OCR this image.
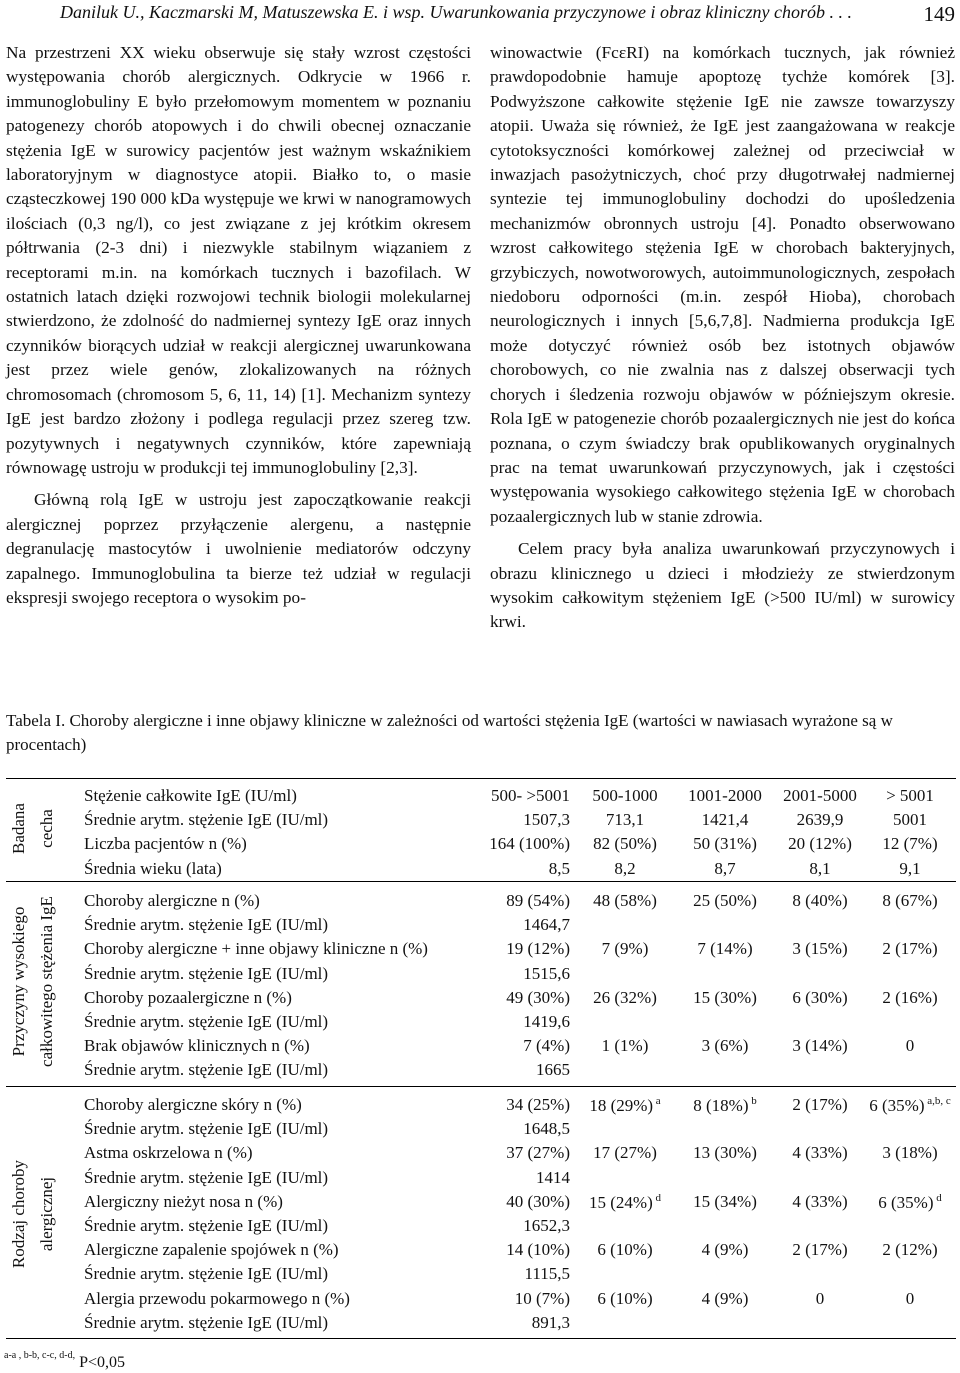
Daniluk U., Kaczmarski M, Matuszewska E. i wsp. Uwarunkowania przyczynowe i obraz kliniczny chorób . . .	149

Na przestrzeni XX wieku obserwuje się stały wzrost częstości występowania chorób alergicznych. Odkrycie w 1966 r. immunoglobuliny E było przełomowym momentem w poznaniu patogenezy chorób atopowych i do chwili obecnej oznaczanie stężenia IgE w surowicy pacjentów jest ważnym wskaźnikiem laboratoryjnym w diagnostyce atopii. Białko to, o masie cząsteczkowej 190 000 kDa występuje we krwi w nanogramowych ilościach (0,3 ng/l), co jest związane z jej krótkim okresem półtrwania (2-3 dni) i niezwykle stabilnym wiązaniem z receptorami m.in. na komórkach tucznych i bazofilach. W ostatnich latach dzięki rozwojowi technik biologii molekularnej stwierdzono, że zdolność do nadmiernej syntezy IgE oraz innych czynników biorących udział w reakcji alergicznej uwarunkowana jest przez wiele genów, zlokalizowanych na różnych chromosomach (chromosom 5, 6, 11, 14) [1]. Mechanizm syntezy IgE jest bardzo złożony i podlega regulacji przez szereg tzw. pozytywnych i negatywnych czynników, które zapewniają równowagę ustroju w produkcji tej immunoglobuliny [2,3].

Główną rolą IgE w ustroju jest zapoczątkowanie reakcji alergicznej poprzez przyłączenie alergenu, a następnie degranulację mastocytów i uwolnienie mediatorów odczyny zapalnego. Immunoglobulina ta bierze też udział w regulacji ekspresji swojego receptora o wysokim po-

winowactwie (FcεRI) na komórkach tucznych, jak również prawdopodobnie hamuje apoptozę tychże komórek [3]. Podwyższone całkowite stężenie IgE nie zawsze towarzyszy atopii. Uważa się również, że IgE jest zaangażowana w reakcje cytotoksyczności komórkowej zależnej od przeciwciał w inwazjach pasożytniczych, choć przy długotrwałej nadmiernej syntezie tej immunoglobuliny dochodzi do upośledzenia mechanizmów obronnych ustroju [4]. Ponadto obserwowano wzrost całkowitego stężenia IgE w chorobach bakteryjnych, grzybiczych, nowotworowych, autoimmunologicznych, zespołach niedoboru odporności (m.in. zespół Hioba), chorobach neurologicznych i innych [5,6,7,8]. Nadmierna produkcja IgE może dotyczyć również osób bez istotnych objawów chorobowych, co nie zwalnia nas z dalszej obserwacji tych chorych i śledzenia rozwoju objawów w późniejszym okresie. Rola IgE w patogenezie chorób pozaalergicznych nie jest do końca poznana, o czym świadczy brak opublikowanych oryginalnych prac na temat uwarunkowań przyczynowych, jak i częstości występowania wysokiego całkowitego stężenia IgE w chorobach pozaalergicznych lub w stanie zdrowia.

Celem pracy była analiza uwarunkowań przyczynowych i obrazu klinicznego u dzieci i młodzieży ze stwierdzonym wysokim całkowitym stężeniem IgE (>500 IU/ml) w surowicy krwi.

Tabela I. Choroby alergiczne i inne objawy kliniczne w zależności od wartości stężenia IgE (wartości w nawiasach wyrażone są w procentach)
Badana cecha
Stężenie całkowite IgE (IU/ml)	500- >5001	500-1000	1001-2000	2001-5000	> 5001
Średnie arytm. stężenie IgE (IU/ml)	1507,3	713,1	1421,4	2639,9	5001
Liczba pacjentów n (%)	164 (100%)	82 (50%)	50 (31%)	20 (12%)	12 (7%)
Średnia wieku (lata)	8,5	8,2	8,7	8,1	9,1
Przyczyny wysokiego całkowitego stężenia IgE Choroby alergiczne n (%)	89 (54%)	48 (58%)	25 (50%)	8 (40%)	8 (67%)
Średnie arytm. stężenie IgE (IU/ml)	1464,7
Choroby alergiczne + inne objawy kliniczne n (%)	19 (12%)	7 (9%)	7 (14%)	3 (15%)	2 (17%)
Średnie arytm. stężenie IgE (IU/ml)	1515,6
Choroby pozaalergiczne n (%)	49 (30%)	26 (32%)	15 (30%)	6 (30%)	2 (16%)
Średnie arytm. stężenie IgE (IU/ml)	1419,6
Brak objawów klinicznych n (%)	7 (4%)	1 (1%)	3 (6%)	3 (14%)	0
Średnie arytm. stężenie IgE (IU/ml)	1665
Rodzaj choroby alergicznej
Choroby alergiczne skóry n (%)	34 (25%)	18 (29%) $^a$	8 (18%) $^b$	2 (17%)	6 (35%) $^{a,b, c}$
Średnie arytm. stężenie IgE (IU/ml)	1648,5
Astma oskrzelowa n (%)	37 (27%)	17 (27%)	13 (30%)	4 (33%)	3 (18%)
Średnie arytm. stężenie IgE (IU/ml)	1414
Alergiczny nieżyt nosa n (%)	40 (30%)	15 (24%) $^d$	15 (34%)	4 (33%)	6 (35%) $^d$
Średnie arytm. stężenie IgE (IU/ml)	1652,3
Alergiczne zapalenie spojówek n (%)	14 (10%)	6 (10%)	4 (9%)	2 (17%)	2 (12%)
Średnie arytm. stężenie IgE (IU/ml)	1115,5
Alergia przewodu pokarmowego n (%)	10 (7%)	6 (10%)	4 (9%)	0	0
Średnie arytm. stężenie IgE (IU/ml)	891,3
$^{a-a , b-b, c-c, d-d,}$ P<0,05
